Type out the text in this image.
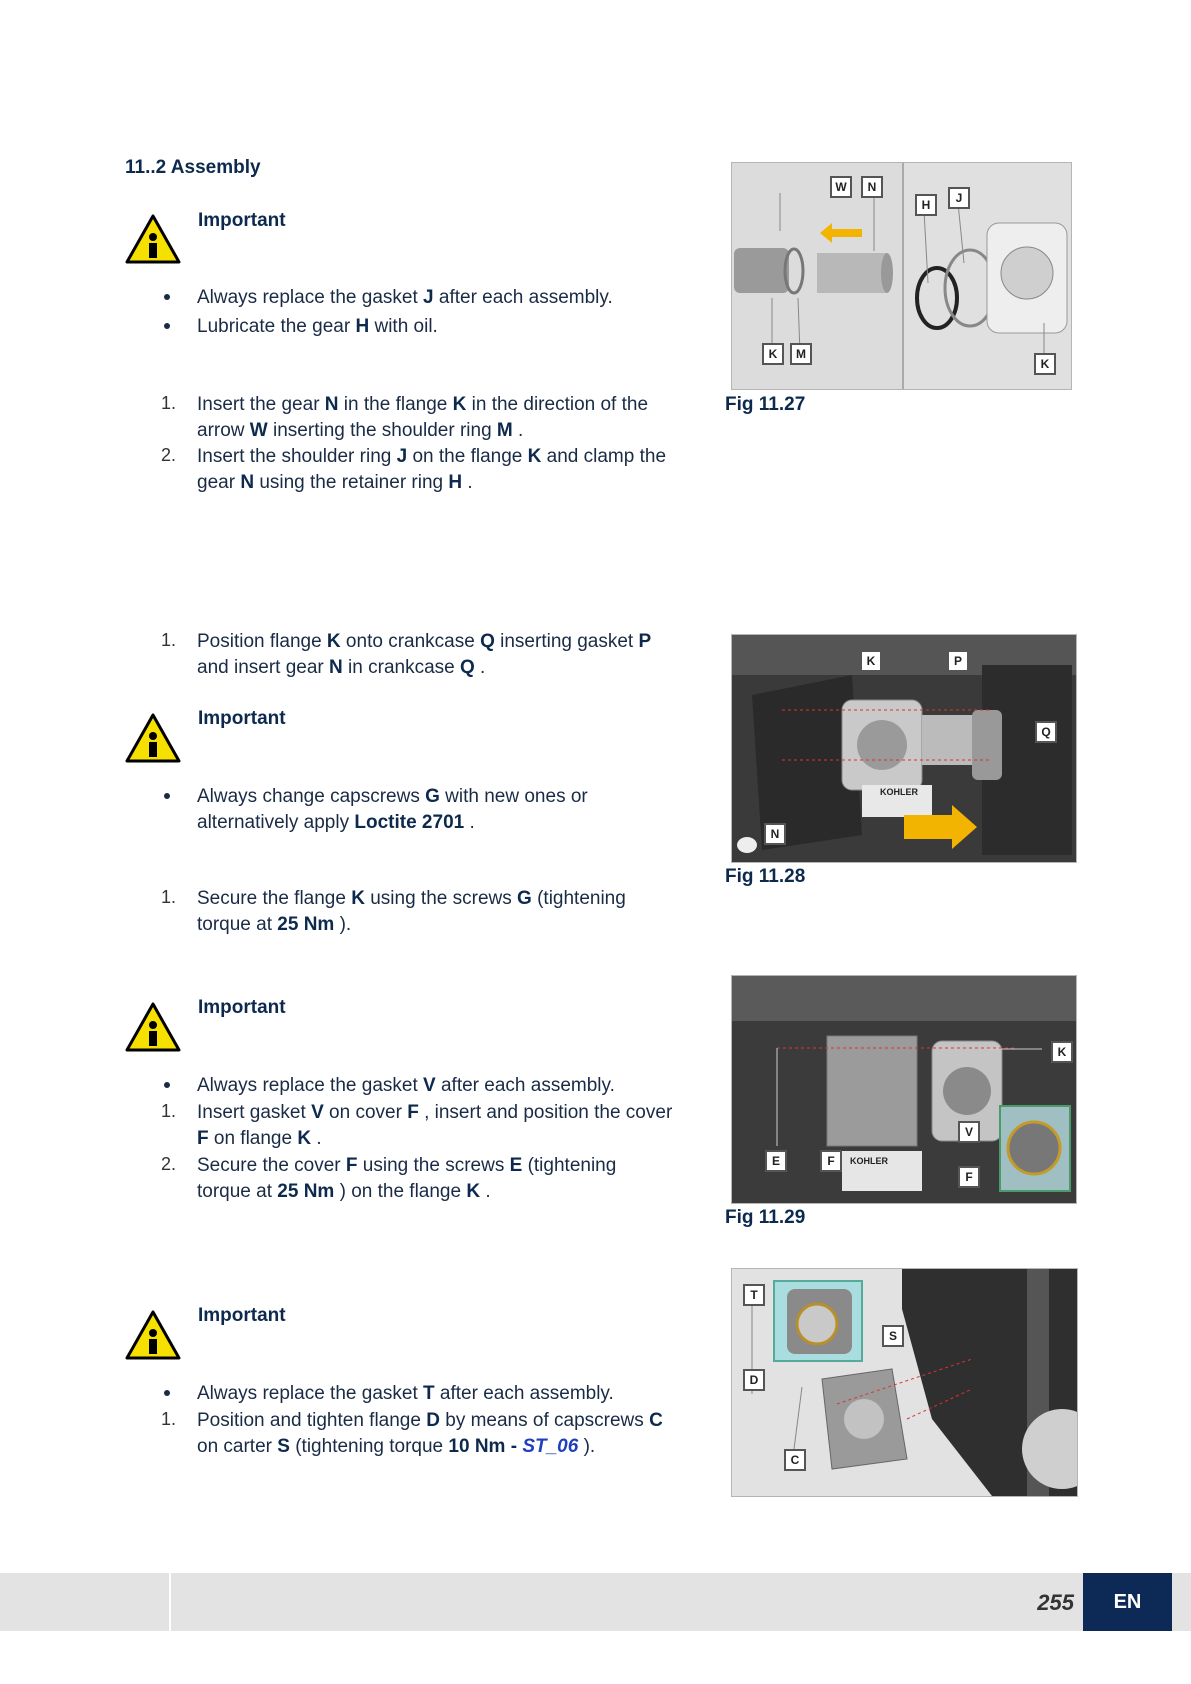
11..2 Assembly
Important
Always replace the gasket J after each assembly.
Lubricate the gear H with oil.
1. Insert the gear N in the flange K in the direction of the
arrow W inserting the shoulder ring M .
2. Insert the shoulder ring J on the flange K and clamp the
gear N using the retainer ring H .
W	N
H	J
K	M
K
Fig 11.27
1. Position flange K onto crankcase Q inserting gasket P
and insert gear N in crankcase Q .
Important
Always change capscrews G with new ones or
alternatively apply Loctite 2701 .
1. Secure the flange K using the screws G (tightening
torque at 25 Nm ).
K	P
Q
N
KOHLER
Fig 11.28
Important
Always replace the gasket V after each assembly.
1. Insert gasket V on cover F , insert and position the cover
F on flange K .
2. Secure the cover F using the screws E (tightening
torque at 25 Nm ) on the flange K .
K
V
E	F
F
KOHLER
Fig 11.29
Important
Always replace the gasket T after each assembly.
1. Position and tighten flange D by means of capscrews C
on carter S (tightening torque 10 Nm - ST_06 ).
T
S
D
C
255	EN
